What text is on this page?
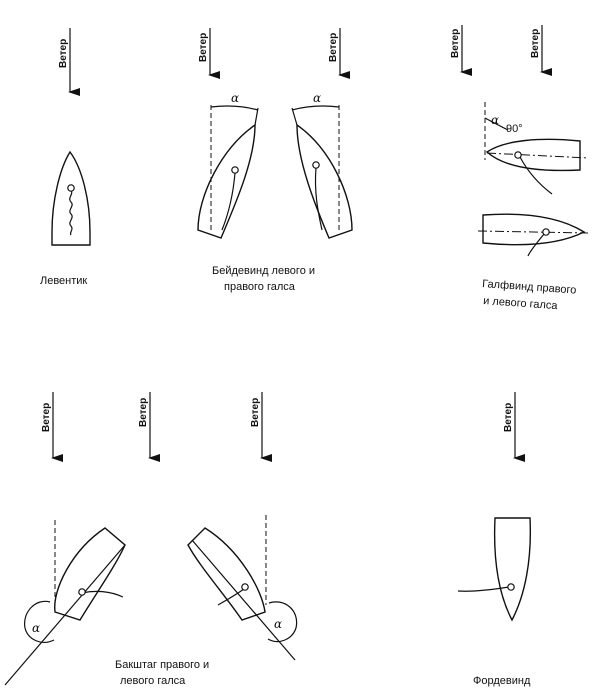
Ветер
Левентик
Ветер	Ветер
α	α
Бейдевинд левого и
правого галса
Ветер	Ветер
α
90°
Галфвинд правого
и левого галса
Ветер	Ветер	Ветер
α	α
Бакштаг правого и
левого галса
Ветер
Фордевинд
